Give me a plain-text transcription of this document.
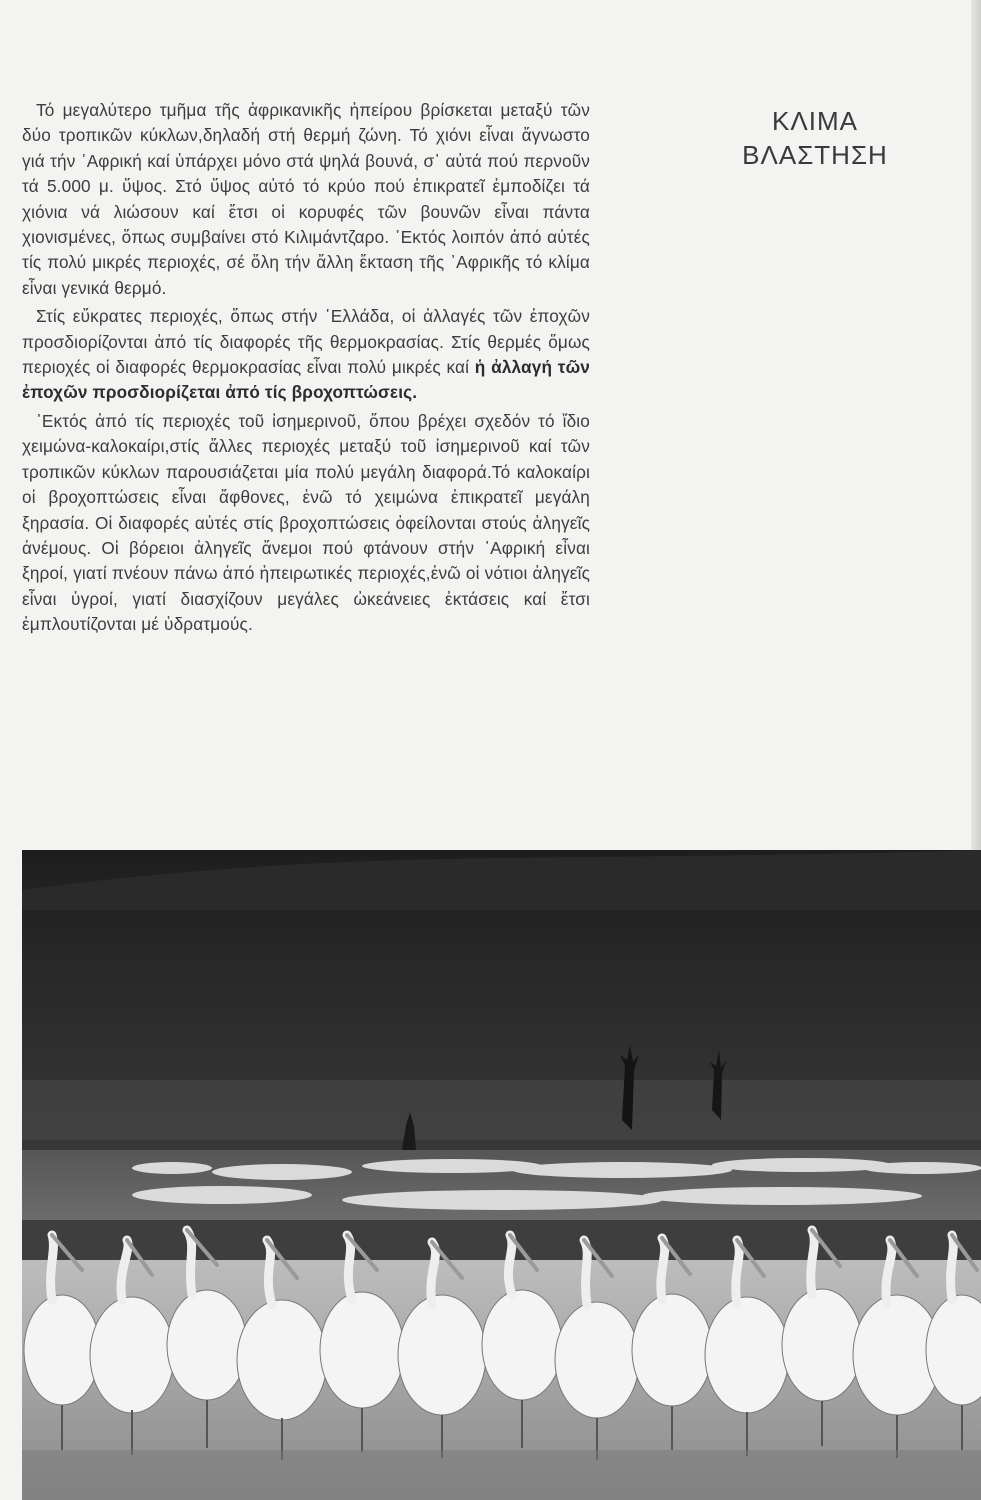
Τό μεγαλύτερο τμῆμα τῆς ἀφρικανικῆς ἠπείρου βρίσκεται μεταξύ τῶν δύο τροπικῶν κύκλων,δηλαδή στή θερμή ζώνη. Τό χιόνι εἶναι ἄγνωστο γιά τήν ᾿Αφρική καί ὑπάρχει μόνο στά ψηλά βουνά, σ᾿ αὐτά πού περνοῦν τά 5.000 μ. ὕψος. Στό ὕψος αὐτό τό κρύο πού ἐπικρατεῖ ἐμποδίζει τά χιόνια νά λιώσουν καί ἔτσι οἱ κορυφές τῶν βουνῶν εἶναι πάντα χιονισμένες, ὅπως συμβαίνει στό Κιλιμάντζαρο. ᾿Εκτός λοιπόν ἀπό αὐτές τίς πολύ μικρές περιοχές, σέ ὅλη τήν ἄλλη ἔκταση τῆς ᾿Αφρικῆς τό κλίμα εἶναι γενικά θερμό.

Στίς εὔκρατες περιοχές, ὅπως στήν ῾Ελλάδα, οἱ ἀλλαγές τῶν ἐποχῶν προσδιορίζονται ἀπό τίς διαφορές τῆς θερμοκρασίας. Στίς θερμές ὅμως περιοχές οἱ διαφορές θερμοκρασίας εἶναι πολύ μικρές καί ἡ ἀλλαγή τῶν ἐποχῶν προσδιορίζεται ἀπό τίς βροχοπτώσεις.

᾿Εκτός ἀπό τίς περιοχές τοῦ ἰσημερινοῦ, ὅπου βρέχει σχεδόν τό ἴδιο χειμώνα-καλοκαίρι,στίς ἄλλες περιοχές μεταξύ τοῦ ἰσημερινοῦ καί τῶν τροπικῶν κύκλων παρουσιάζεται μία πολύ μεγάλη διαφορά.Τό καλοκαίρι οἱ βροχοπτώσεις εἶναι ἄφθονες, ἐνῶ τό χειμώνα ἐπικρατεῖ μεγάλη ξηρασία. Οἱ διαφορές αὐτές στίς βροχοπτώσεις ὀφείλονται στούς ἀληγεῖς ἀνέμους. Οἱ βόρειοι ἀληγεῖς ἄνεμοι πού φτάνουν στήν ᾿Αφρική εἶναι ξηροί, γιατί πνέουν πάνω ἀπό ἠπειρωτικές περιοχές,ἐνῶ οἱ νότιοι ἀληγεῖς εἶναι ὑγροί, γιατί διασχίζουν μεγάλες ὠκεάνειες ἐκτάσεις καί ἔτσι ἐμπλουτίζονται μέ ὑδρατμούς.

ΚΛΙΜΑ
ΒΛΑΣΤΗΣΗ
